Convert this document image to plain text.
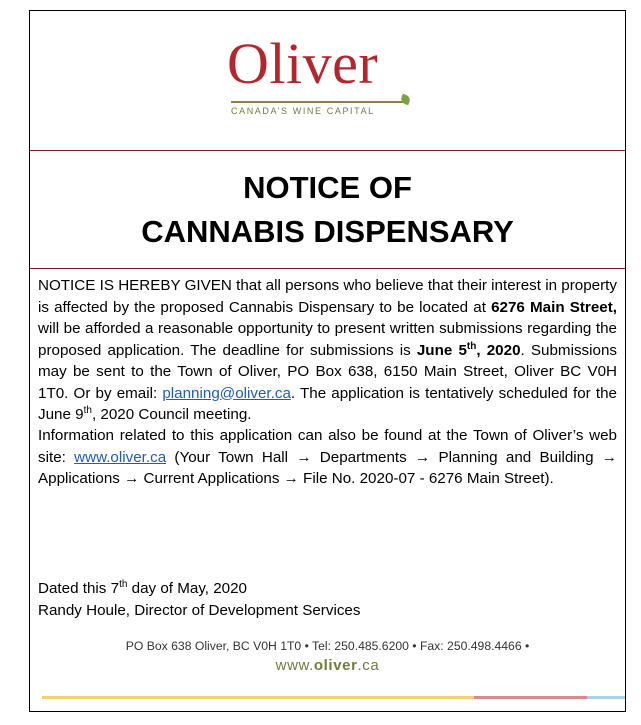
Oliver
CANADA’S WINE CAPITAL
NOTICE OF
CANNABIS DISPENSARY
NOTICE IS HEREBY GIVEN that all persons who believe that their interest in property is affected by the proposed Cannabis Dispensary to be located at 6276 Main Street, will be afforded a reasonable opportunity to present written submissions regarding the proposed application. The deadline for submissions is June 5th, 2020. Submissions may be sent to the Town of Oliver, PO Box 638, 6150 Main Street, Oliver BC V0H 1T0. Or by email: planning@oliver.ca. The application is tentatively scheduled for the June 9th, 2020 Council meeting.
Information related to this application can also be found at the Town of Oliver’s web site: www.oliver.ca (Your Town Hall → Departments → Planning and Building → Applications → Current Applications → File No. 2020-07 - 6276 Main Street).
Dated this 7th day of May, 2020
Randy Houle, Director of Development Services
PO Box 638 Oliver, BC V0H 1T0 • Tel: 250.485.6200 • Fax: 250.498.4466 •
www.oliver.ca
